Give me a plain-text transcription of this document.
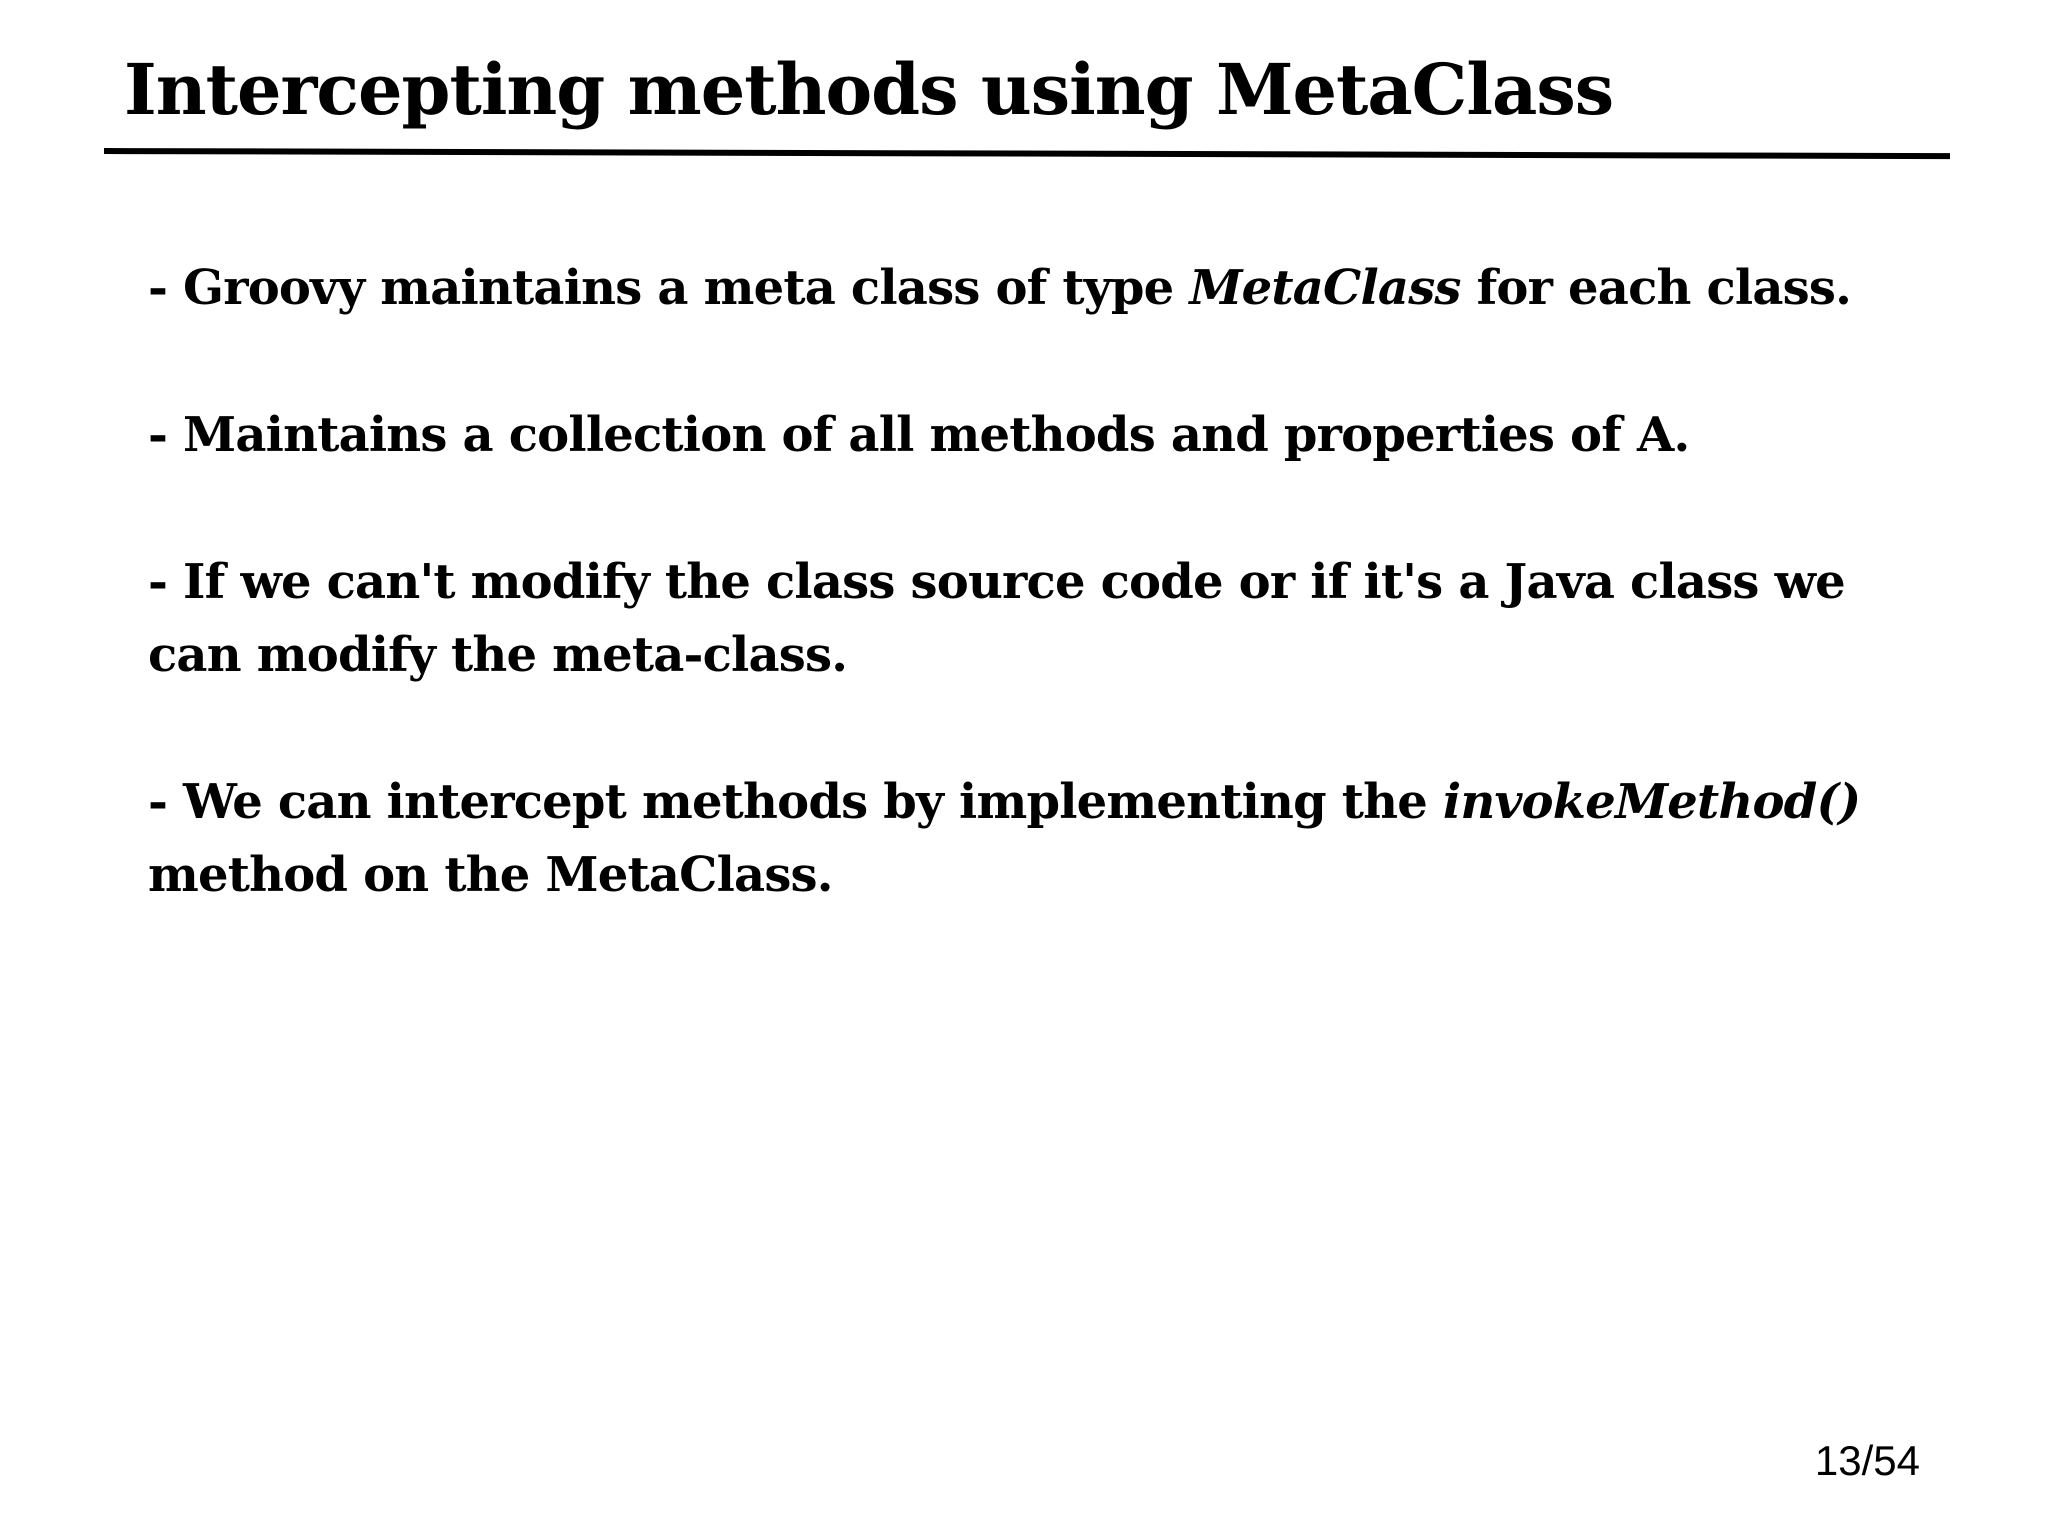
Intercepting methods using MetaClass
- Groovy maintains a meta class of type MetaClass for each class.
- Maintains a collection of all methods and properties of A.
- If we can't modify the class source code or if it's a Java class we can modify the meta-class.
- We can intercept methods by implementing the invokeMethod() method on the MetaClass.
13/54
